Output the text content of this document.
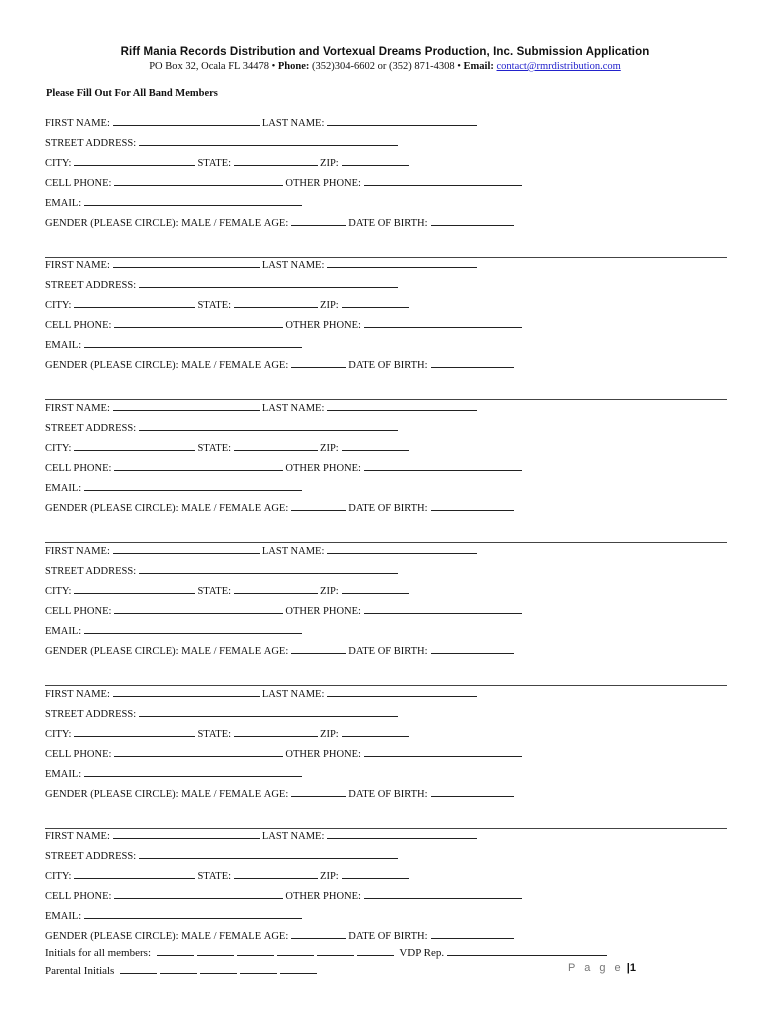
Riff Mania Records Distribution and Vortexual Dreams Production, Inc. Submission Application
PO Box 32, Ocala FL 34478 • Phone: (352)304-6602 or (352) 871-4308 • Email: contact@rmrdistribution.com
Please Fill Out For All Band Members
FIRST NAME:	LAST NAME:
STREET ADDRESS:
CITY:	STATE:	ZIP:
CELL PHONE:	OTHER PHONE:
EMAIL:
GENDER (PLEASE CIRCLE): MALE / FEMALE AGE:	DATE OF BIRTH:
FIRST NAME:	LAST NAME:
STREET ADDRESS:
CITY:	STATE:	ZIP:
CELL PHONE:	OTHER PHONE:
EMAIL:
GENDER (PLEASE CIRCLE): MALE / FEMALE AGE:	DATE OF BIRTH:
FIRST NAME:	LAST NAME:
STREET ADDRESS:
CITY:	STATE:	ZIP:
CELL PHONE:	OTHER PHONE:
EMAIL:
GENDER (PLEASE CIRCLE): MALE / FEMALE AGE:	DATE OF BIRTH:
FIRST NAME:	LAST NAME:
STREET ADDRESS:
CITY:	STATE:	ZIP:
CELL PHONE:	OTHER PHONE:
EMAIL:
GENDER (PLEASE CIRCLE): MALE / FEMALE AGE:	DATE OF BIRTH:
FIRST NAME:	LAST NAME:
STREET ADDRESS:
CITY:	STATE:	ZIP:
CELL PHONE:	OTHER PHONE:
EMAIL:
GENDER (PLEASE CIRCLE): MALE / FEMALE AGE:	DATE OF BIRTH:
FIRST NAME:	LAST NAME:
STREET ADDRESS:
CITY:	STATE:	ZIP:
CELL PHONE:	OTHER PHONE:
EMAIL:
GENDER (PLEASE CIRCLE): MALE / FEMALE AGE:	DATE OF BIRTH:
Initials for all members:	VDP Rep.
Parental Initials	P a g e |1
